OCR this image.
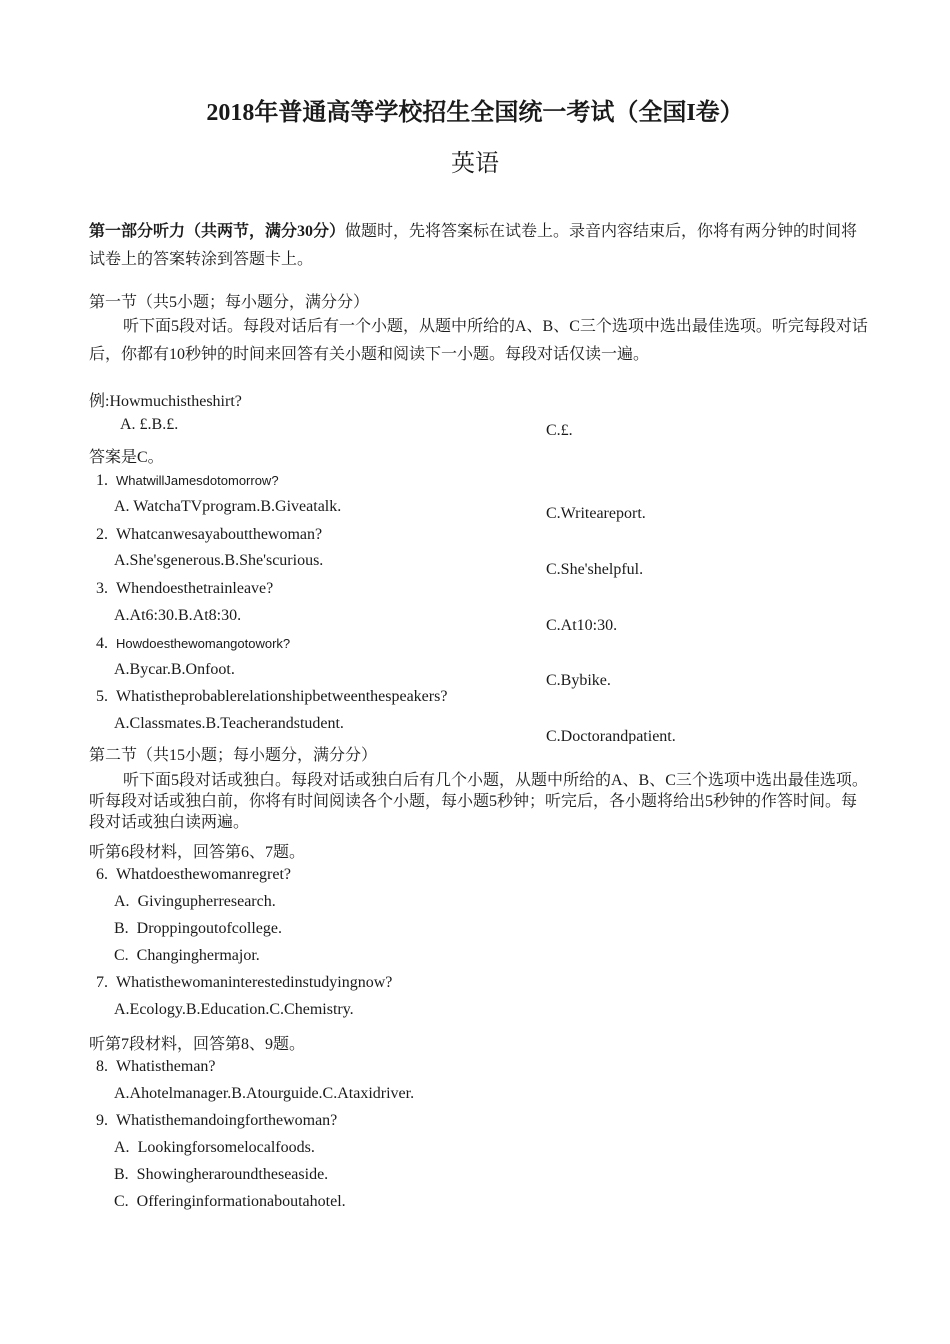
2018年普通高等学校招生全国统一考试（全国I卷）
英语
第一部分听力（共两节，满分30分）做题时，先将答案标在试卷上。录音内容结束后，你将有两分钟的时间将试卷上的答案转涂到答题卡上。
第一节（共5小题；每小题分，满分分）
听下面5段对话。每段对话后有一个小题，从题中所给的A、B、C三个选项中选出最佳选项。听完每段对话后，你都有10秒钟的时间来回答有关小题和阅读下一小题。每段对话仅读一遍。
例:Howmuchistheshirt?
A. £.B.£.	C.£.
答案是C。
1. WhatwillJamesdotomorrow?
A. WatchaTVprogram.B.Giveatalk.	C.Writeareport.
2. Whatcanwesayaboutthewoman?
A.She'sgenerous.B.She'scurious.
C.She'shelpful.
3. Whendoesthetrainleave?
A.At6:30.B.At8:30.
C.At10:30.
4. Howdoesthewomangotowork?
A.Bycar.B.Onfoot.
C.Bybike.
5. Whatistheprobablerelationshipbetweenthespeakers?
A.Classmates.B.Teacherandstudent.
C.Doctorandpatient.
第二节（共15小题；每小题分，满分分）
听下面5段对话或独白。每段对话或独白后有几个小题，从题中所给的A、B、C三个选项中选出最佳选项。听每段对话或独白前，你将有时间阅读各个小题，每小题5秒钟；听完后，各小题将给出5秒钟的作答时间。每段对话或独白读两遍。
听第6段材料，回答第6、7题。
6. Whatdoesthewomanregret?
A. Givingupherresearch.
B. Droppingoutofcollege.
C. Changinghermajor.
7. Whatisthewomaninterestedinstudyingnow?
A.Ecology.B.Education.C.Chemistry.
听第7段材料，回答第8、9题。
8. Whatistheman?
A.Ahotelmanager.B.Atourguide.C.Ataxidriver.
9. Whatisthemandoingforthewoman?
A. Lookingforsomelocalfoods.
B. Showingheraroundtheseaside.
C. Offeringinformationaboutahotel.
